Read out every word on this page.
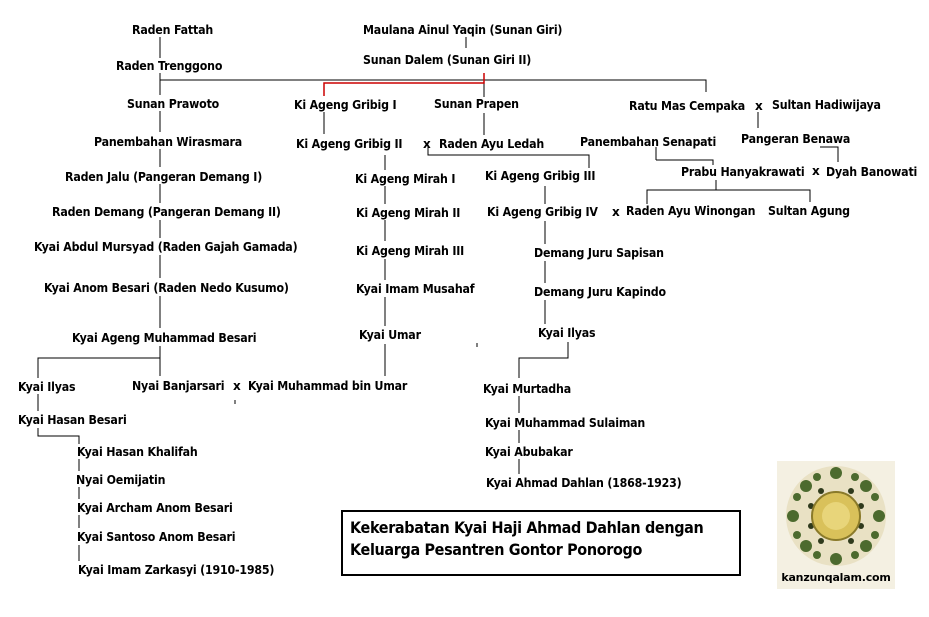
Raden Fattah
Raden Trenggono
Maulana Ainul Yaqin (Sunan Giri)
Sunan Dalem (Sunan Giri II)
Sunan Prawoto	Ki Ageng Gribig I	Sunan Prapen	Ratu Mas Cempaka x Sultan Hadiwijaya
Panembahan Wirasmara	Ki Ageng Gribig II x Raden Ayu Ledah	Panembahan Senapati Pangeran Benawa
Raden Jalu (Pangeran Demang I)	Ki Ageng Mirah I Ki Ageng Gribig III	Prabu Hanyakrawati x Dyah Banowati
Raden Demang (Pangeran Demang II)	Ki Ageng Mirah II Ki Ageng Gribig IV x Raden Ayu Winongan Sultan Agung
Kyai Abdul Mursyad (Raden Gajah Gamada)	Ki Ageng Mirah III	Demang Juru Sapisan
Kyai Anom Besari (Raden Nedo Kusumo)	Kyai Imam Musahaf	Demang Juru Kapindo
Kyai Ilyas
Kyai Ageng Muhammad Besari	Kyai Umar
Kyai Ilyas	Nyai Banjarsari x Kyai Muhammad bin Umar	Kyai Murtadha
Kyai Hasan Besari	Kyai Muhammad Sulaiman
Kyai Hasan Khalifah	Kyai Abubakar
Nyai Oemijatin	Kyai Ahmad Dahlan (1868-1923)
Kyai Archam Anom Besari
Kyai Santoso Anom Besari
Kyai Imam Zarkasyi (1910-1985)
Kekerabatan Kyai Haji Ahmad Dahlan dengan
Keluarga Pesantren Gontor Ponorogo
kanzunqalam.com
